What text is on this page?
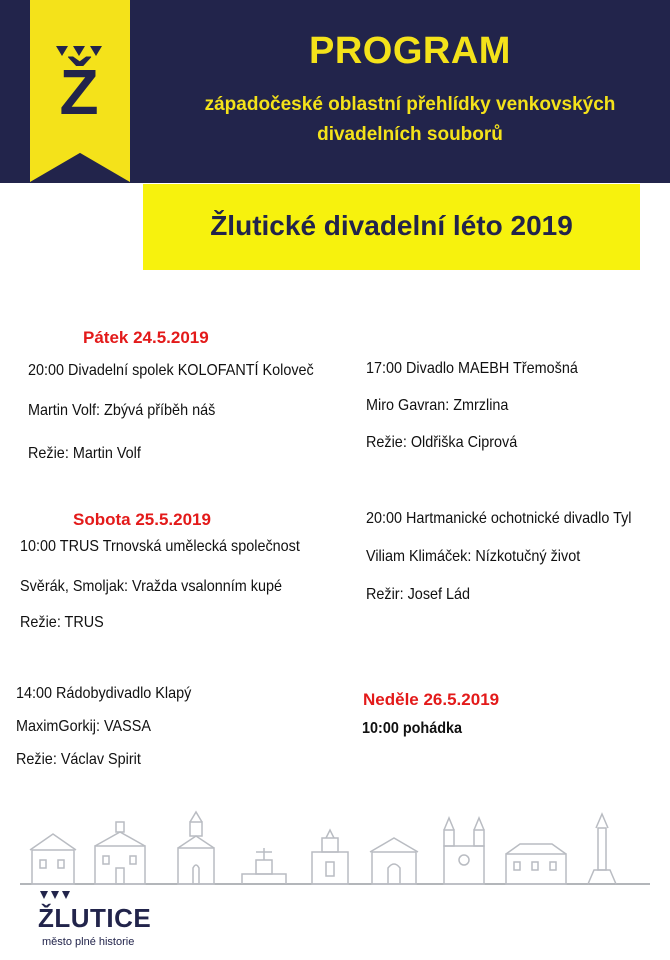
Ž
PROGRAM
západočeské oblastní přehlídky venkovských
divadelních souborů
Žlutické divadelní léto 2019
Pátek 24.5.2019
20:00 Divadelní spolek KOLOFANTÍ Koloveč
Martin Volf: Zbývá příběh náš
Režie: Martin Volf
Sobota 25.5.2019
10:00 TRUS Trnovská umělecká společnost
Svěrák, Smoljak: Vražda vsalonním kupé
Režie: TRUS
14:00 Rádobydivadlo Klapý
MaximGorkij: VASSA
Režie: Václav Spirit
17:00 Divadlo MAEBH Třemošná
Miro Gavran: Zmrzlina
Režie: Oldřiška Ciprová
20:00 Hartmanické ochotnické divadlo Tyl
Viliam Klimáček: Nízkotučný život
Režir: Josef Lád
Neděle 26.5.2019
10:00 pohádka
ŽLUTICE
město plné historie
